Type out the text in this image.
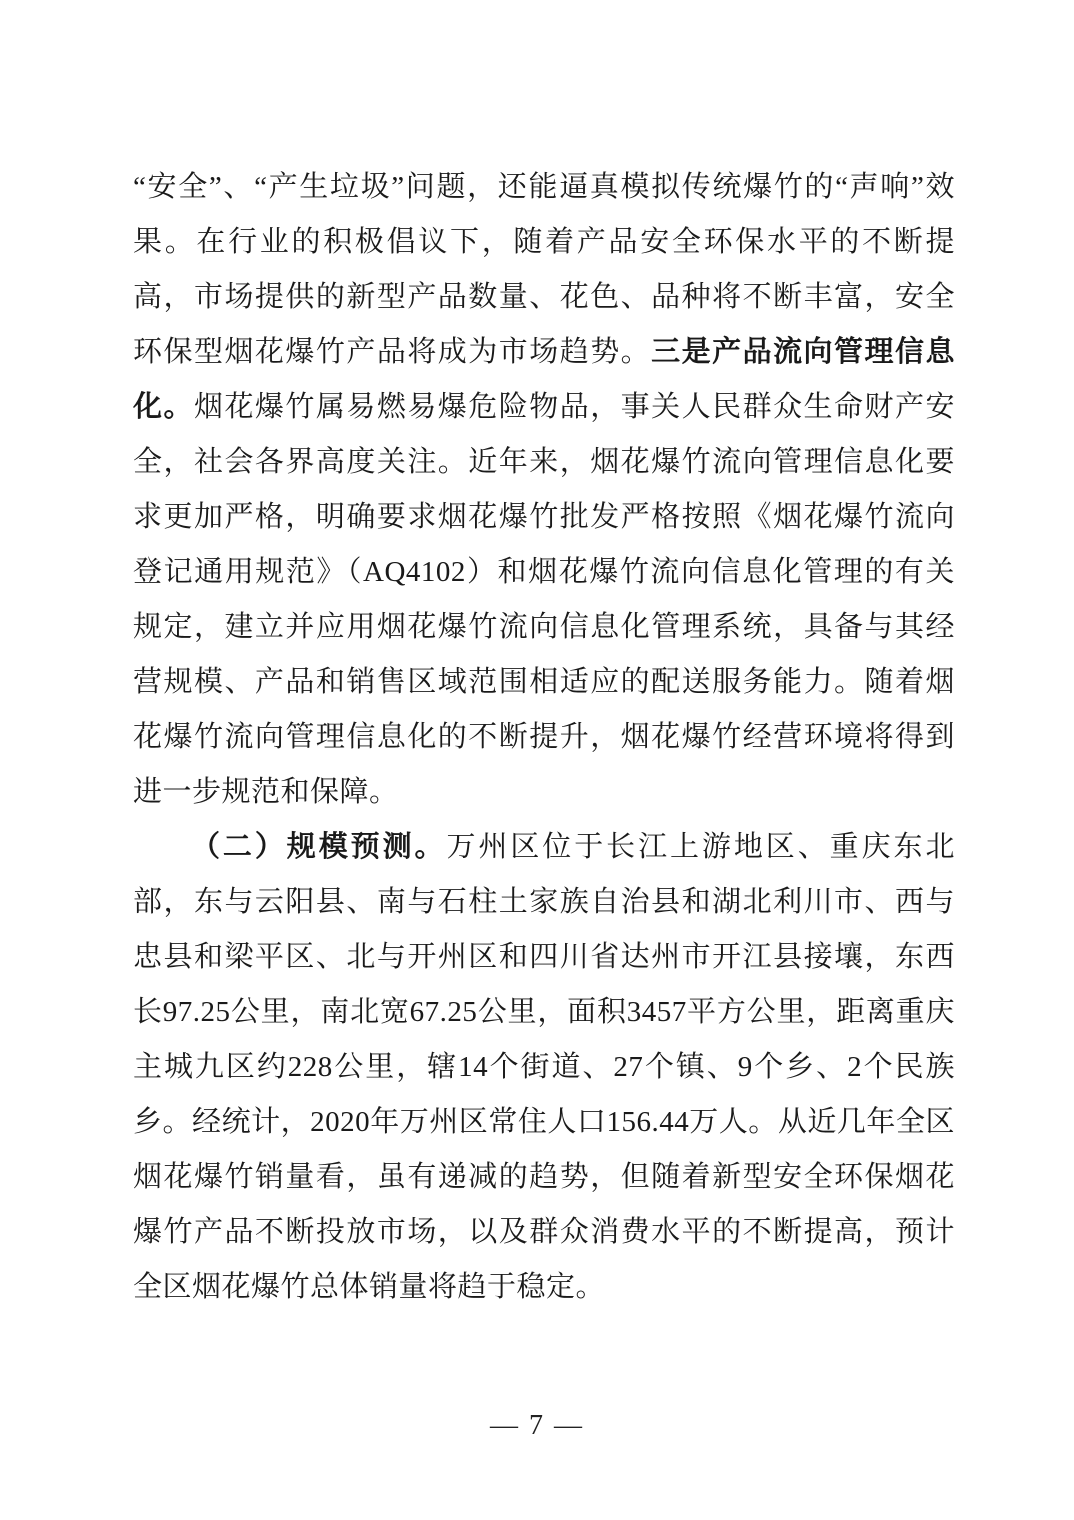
“安全”、“产生垃圾”问题，还能逼真模拟传统爆竹的“声响”效果。在行业的积极倡议下，随着产品安全环保水平的不断提高，市场提供的新型产品数量、花色、品种将不断丰富，安全环保型烟花爆竹产品将成为市场趋势。三是产品流向管理信息化。烟花爆竹属易燃易爆危险物品，事关人民群众生命财产安全，社会各界高度关注。近年来，烟花爆竹流向管理信息化要求更加严格，明确要求烟花爆竹批发严格按照《烟花爆竹流向登记通用规范》（AQ4102）和烟花爆竹流向信息化管理的有关规定，建立并应用烟花爆竹流向信息化管理系统，具备与其经营规模、产品和销售区域范围相适应的配送服务能力。随着烟花爆竹流向管理信息化的不断提升，烟花爆竹经营环境将得到进一步规范和保障。

（二）规模预测。万州区位于长江上游地区、重庆东北部，东与云阳县、南与石柱土家族自治县和湖北利川市、西与忠县和梁平区、北与开州区和四川省达州市开江县接壤，东西长97.25公里，南北宽67.25公里，面积3457平方公里，距离重庆主城九区约228公里，辖14个街道、27个镇、9个乡、2个民族乡。经统计，2020年万州区常住人口156.44万人。从近几年全区烟花爆竹销量看，虽有递减的趋势，但随着新型安全环保烟花爆竹产品不断投放市场，以及群众消费水平的不断提高，预计全区烟花爆竹总体销量将趋于稳定。

— 7 —
